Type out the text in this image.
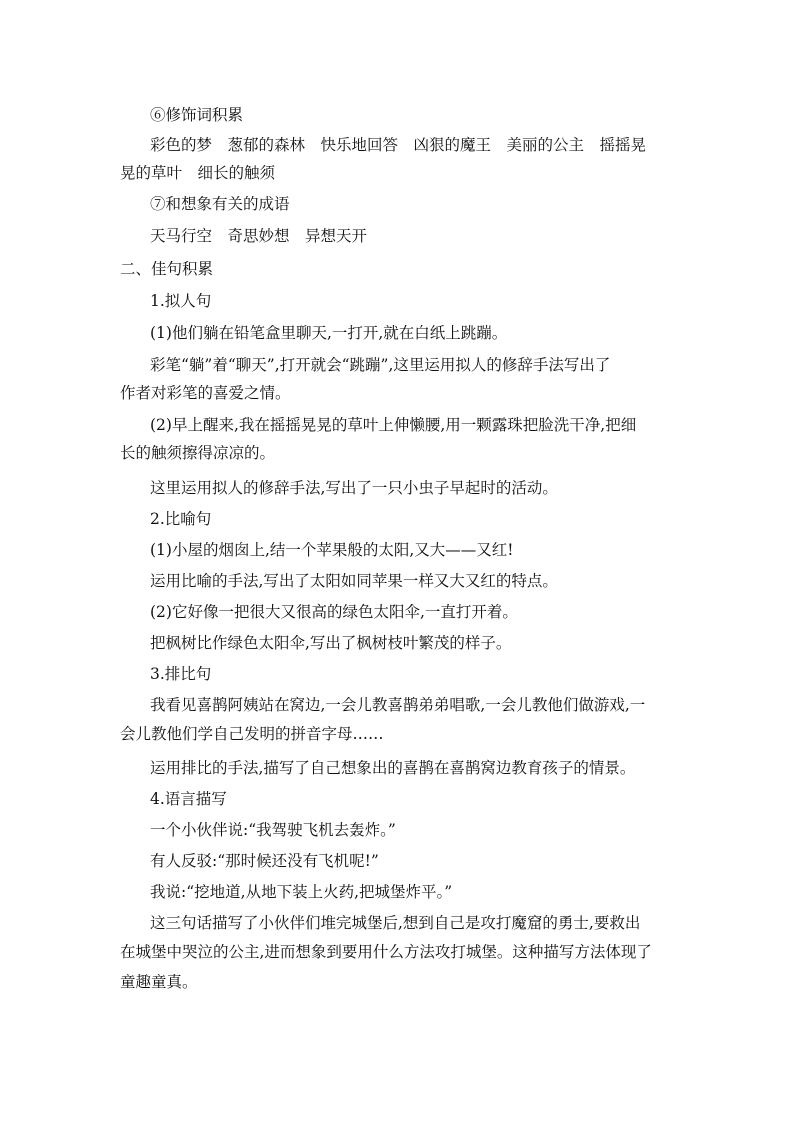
⑥修饰词积累
彩色的梦　葱郁的森林　快乐地回答　凶狠的魔王　美丽的公主　摇摇晃
晃的草叶　细长的触须
⑦和想象有关的成语
天马行空　奇思妙想　异想天开
二、佳句积累
1.拟人句
(1)他们躺在铅笔盒里聊天,一打开,就在白纸上跳蹦。
彩笔“躺”着“聊天”,打开就会“跳蹦”,这里运用拟人的修辞手法写出了
作者对彩笔的喜爱之情。
(2)早上醒来,我在摇摇晃晃的草叶上伸懒腰,用一颗露珠把脸洗干净,把细
长的触须擦得凉凉的。
这里运用拟人的修辞手法,写出了一只小虫子早起时的活动。
2.比喻句
(1)小屋的烟囱上,结一个苹果般的太阳,又大——又红!
运用比喻的手法,写出了太阳如同苹果一样又大又红的特点。
(2)它好像一把很大又很高的绿色太阳伞,一直打开着。
把枫树比作绿色太阳伞,写出了枫树枝叶繁茂的样子。
3.排比句
我看见喜鹊阿姨站在窝边,一会儿教喜鹊弟弟唱歌,一会儿教他们做游戏,一
会儿教他们学自己发明的拼音字母……
运用排比的手法,描写了自己想象出的喜鹊在喜鹊窝边教育孩子的情景。
4.语言描写
一个小伙伴说:“我驾驶飞机去轰炸。”
有人反驳:“那时候还没有飞机呢!”
我说:“挖地道,从地下装上火药,把城堡炸平。”
这三句话描写了小伙伴们堆完城堡后,想到自己是攻打魔窟的勇士,要救出
在城堡中哭泣的公主,进而想象到要用什么方法攻打城堡。这种描写方法体现了
童趣童真。
